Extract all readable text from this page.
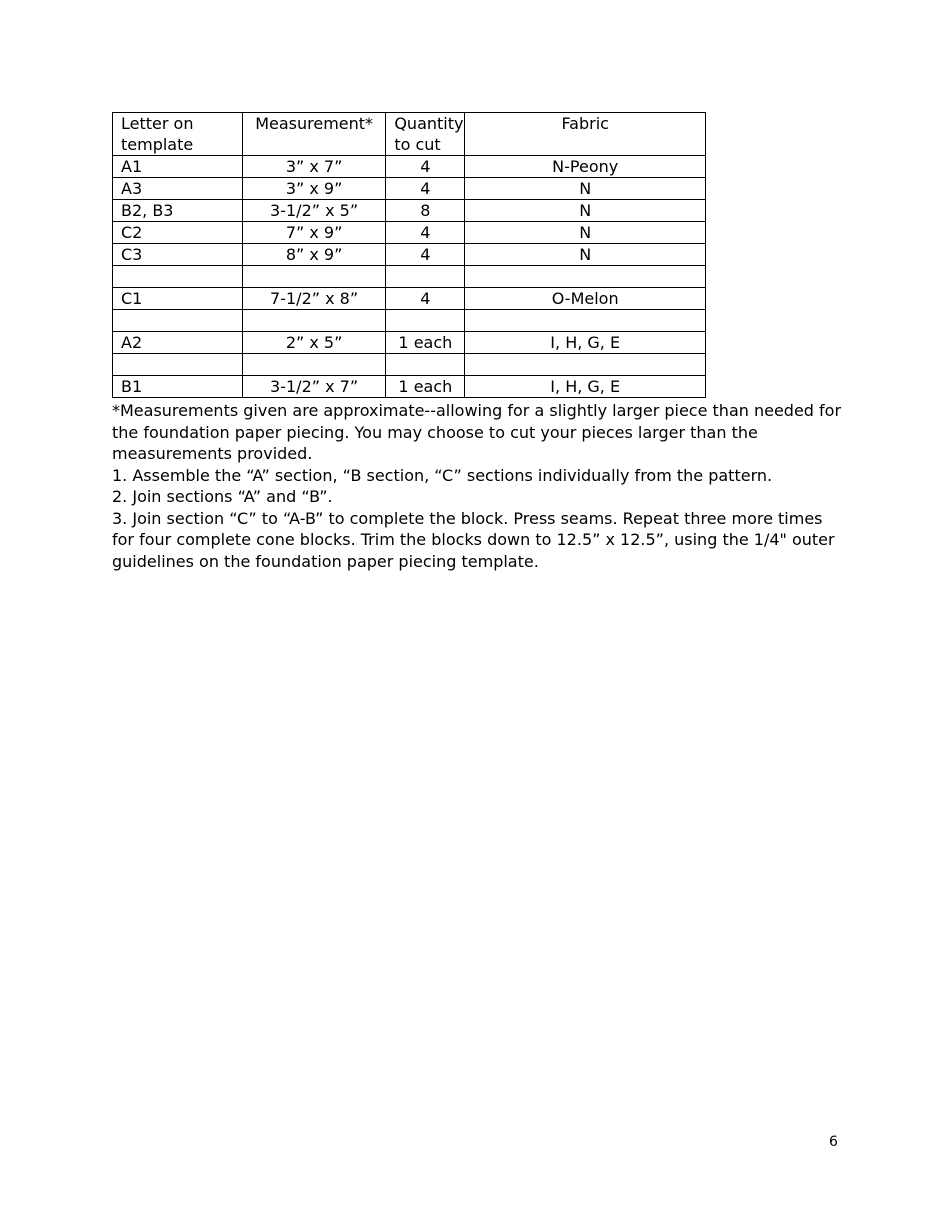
Letter on template	Measurement*	Quantity to cut	Fabric
A1	3” x 7”	4	N-Peony
A3	3” x 9”	4	N
B2, B3	3-1/2” x 5”	8	N
C2	7” x 9”	4	N
C3	8” x 9”	4	N

C1	7-1/2” x 8”	4	O-Melon

A2	2” x 5”	1 each	I, H, G, E

B1	3-1/2” x 7”	1 each	I, H, G, E

*Measurements given are approximate--allowing for a slightly larger piece than needed for the foundation paper piecing. You may choose to cut your pieces larger than the measurements provided.

1. Assemble the “A” section, “B section, “C” sections individually from the pattern.

2. Join sections “A” and “B”.

3. Join section “C” to “A-B” to complete the block. Press seams. Repeat three more times for four complete cone blocks. Trim the blocks down to 12.5” x 12.5”, using the 1/4" outer guidelines on the foundation paper piecing template.

6
